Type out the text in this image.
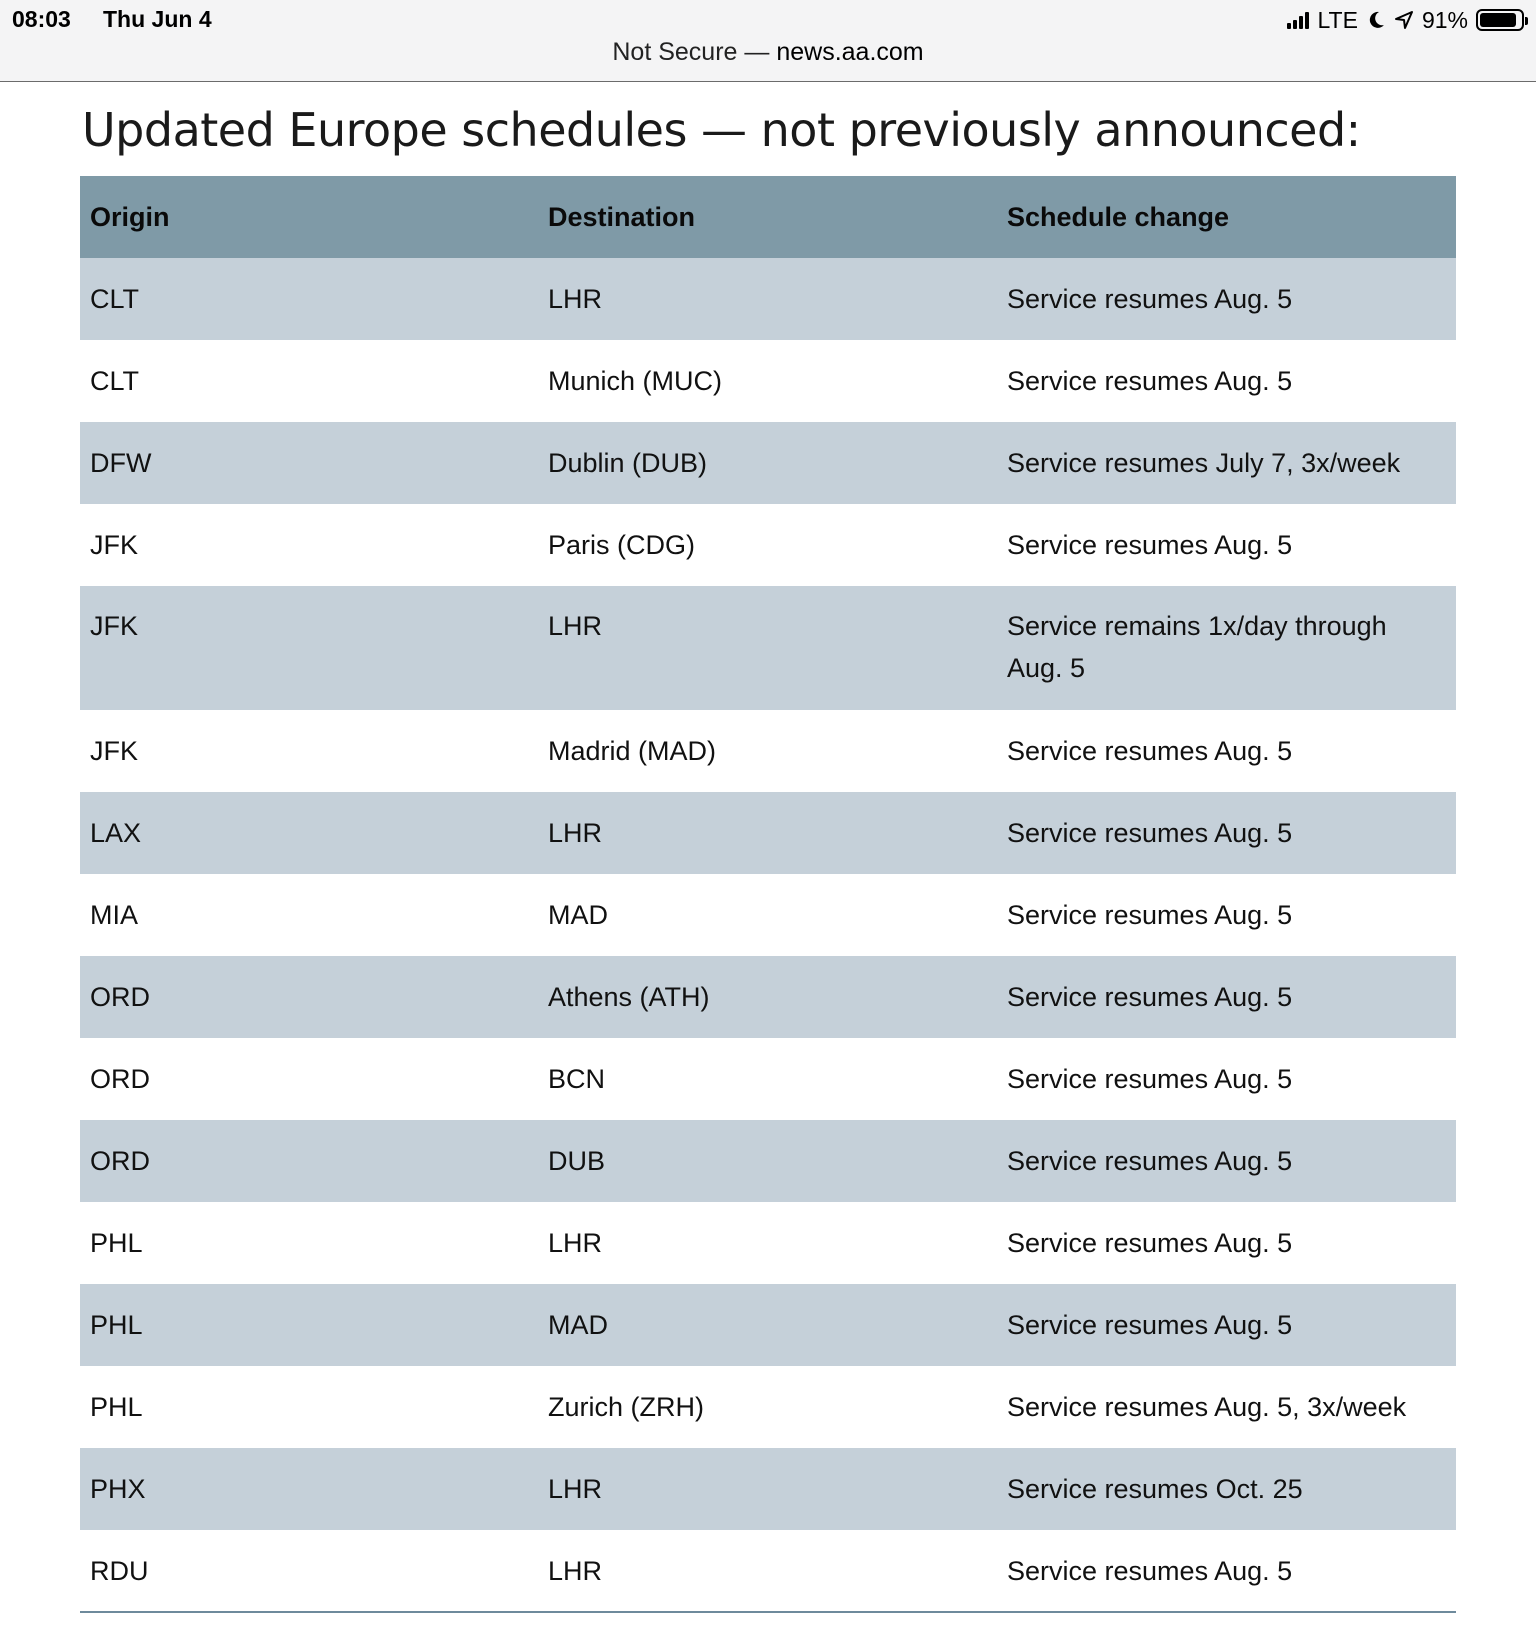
08:03 Thu Jun 4	LTE	91%
Not Secure — news.aa.com
Updated Europe schedules — not previously announced:
Origin	Destination	Schedule change
CLT	LHR	Service resumes Aug. 5
CLT	Munich (MUC)	Service resumes Aug. 5
DFW	Dublin (DUB)	Service resumes July 7, 3x/week
JFK	Paris (CDG)	Service resumes Aug. 5
JFK	LHR	Service remains 1x/day through Aug. 5
JFK	Madrid (MAD)	Service resumes Aug. 5
LAX	LHR	Service resumes Aug. 5
MIA	MAD	Service resumes Aug. 5
ORD	Athens (ATH)	Service resumes Aug. 5
ORD	BCN	Service resumes Aug. 5
ORD	DUB	Service resumes Aug. 5
PHL	LHR	Service resumes Aug. 5
PHL	MAD	Service resumes Aug. 5
PHL	Zurich (ZRH)	Service resumes Aug. 5, 3x/week
PHX	LHR	Service resumes Oct. 25
RDU	LHR	Service resumes Aug. 5
